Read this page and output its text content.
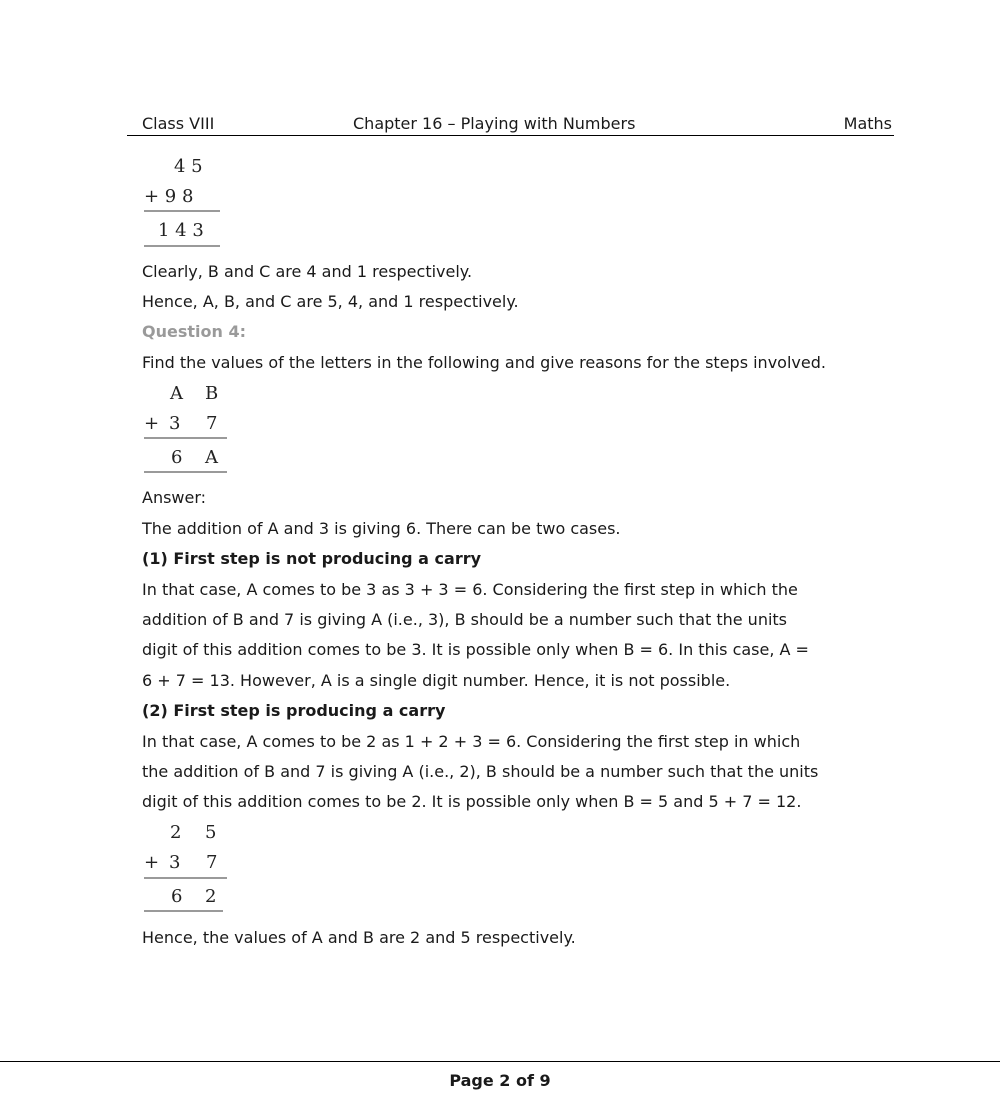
Class VIII	Chapter 16 – Playing with Numbers	Maths
4 5
+ 9 8
1 4 3
Clearly, B and C are 4 and 1 respectively.
Hence, A, B, and C are 5, 4, and 1 respectively.
Question 4:
Find the values of the letters in the following and give reasons for the steps involved.
A B
+ 3 7
6 A
Answer:
The addition of A and 3 is giving 6. There can be two cases.
(1) First step is not producing a carry
In that case, A comes to be 3 as 3 + 3 = 6. Considering the first step in which the
addition of B and 7 is giving A (i.e., 3), B should be a number such that the units
digit of this addition comes to be 3. It is possible only when B = 6. In this case, A =
6 + 7 = 13. However, A is a single digit number. Hence, it is not possible.
(2) First step is producing a carry
In that case, A comes to be 2 as 1 + 2 + 3 = 6. Considering the first step in which
the addition of B and 7 is giving A (i.e., 2), B should be a number such that the units
digit of this addition comes to be 2. It is possible only when B = 5 and 5 + 7 = 12.
2 5
+ 3 7
6 2
Hence, the values of A and B are 2 and 5 respectively.
Page 2 of 9
